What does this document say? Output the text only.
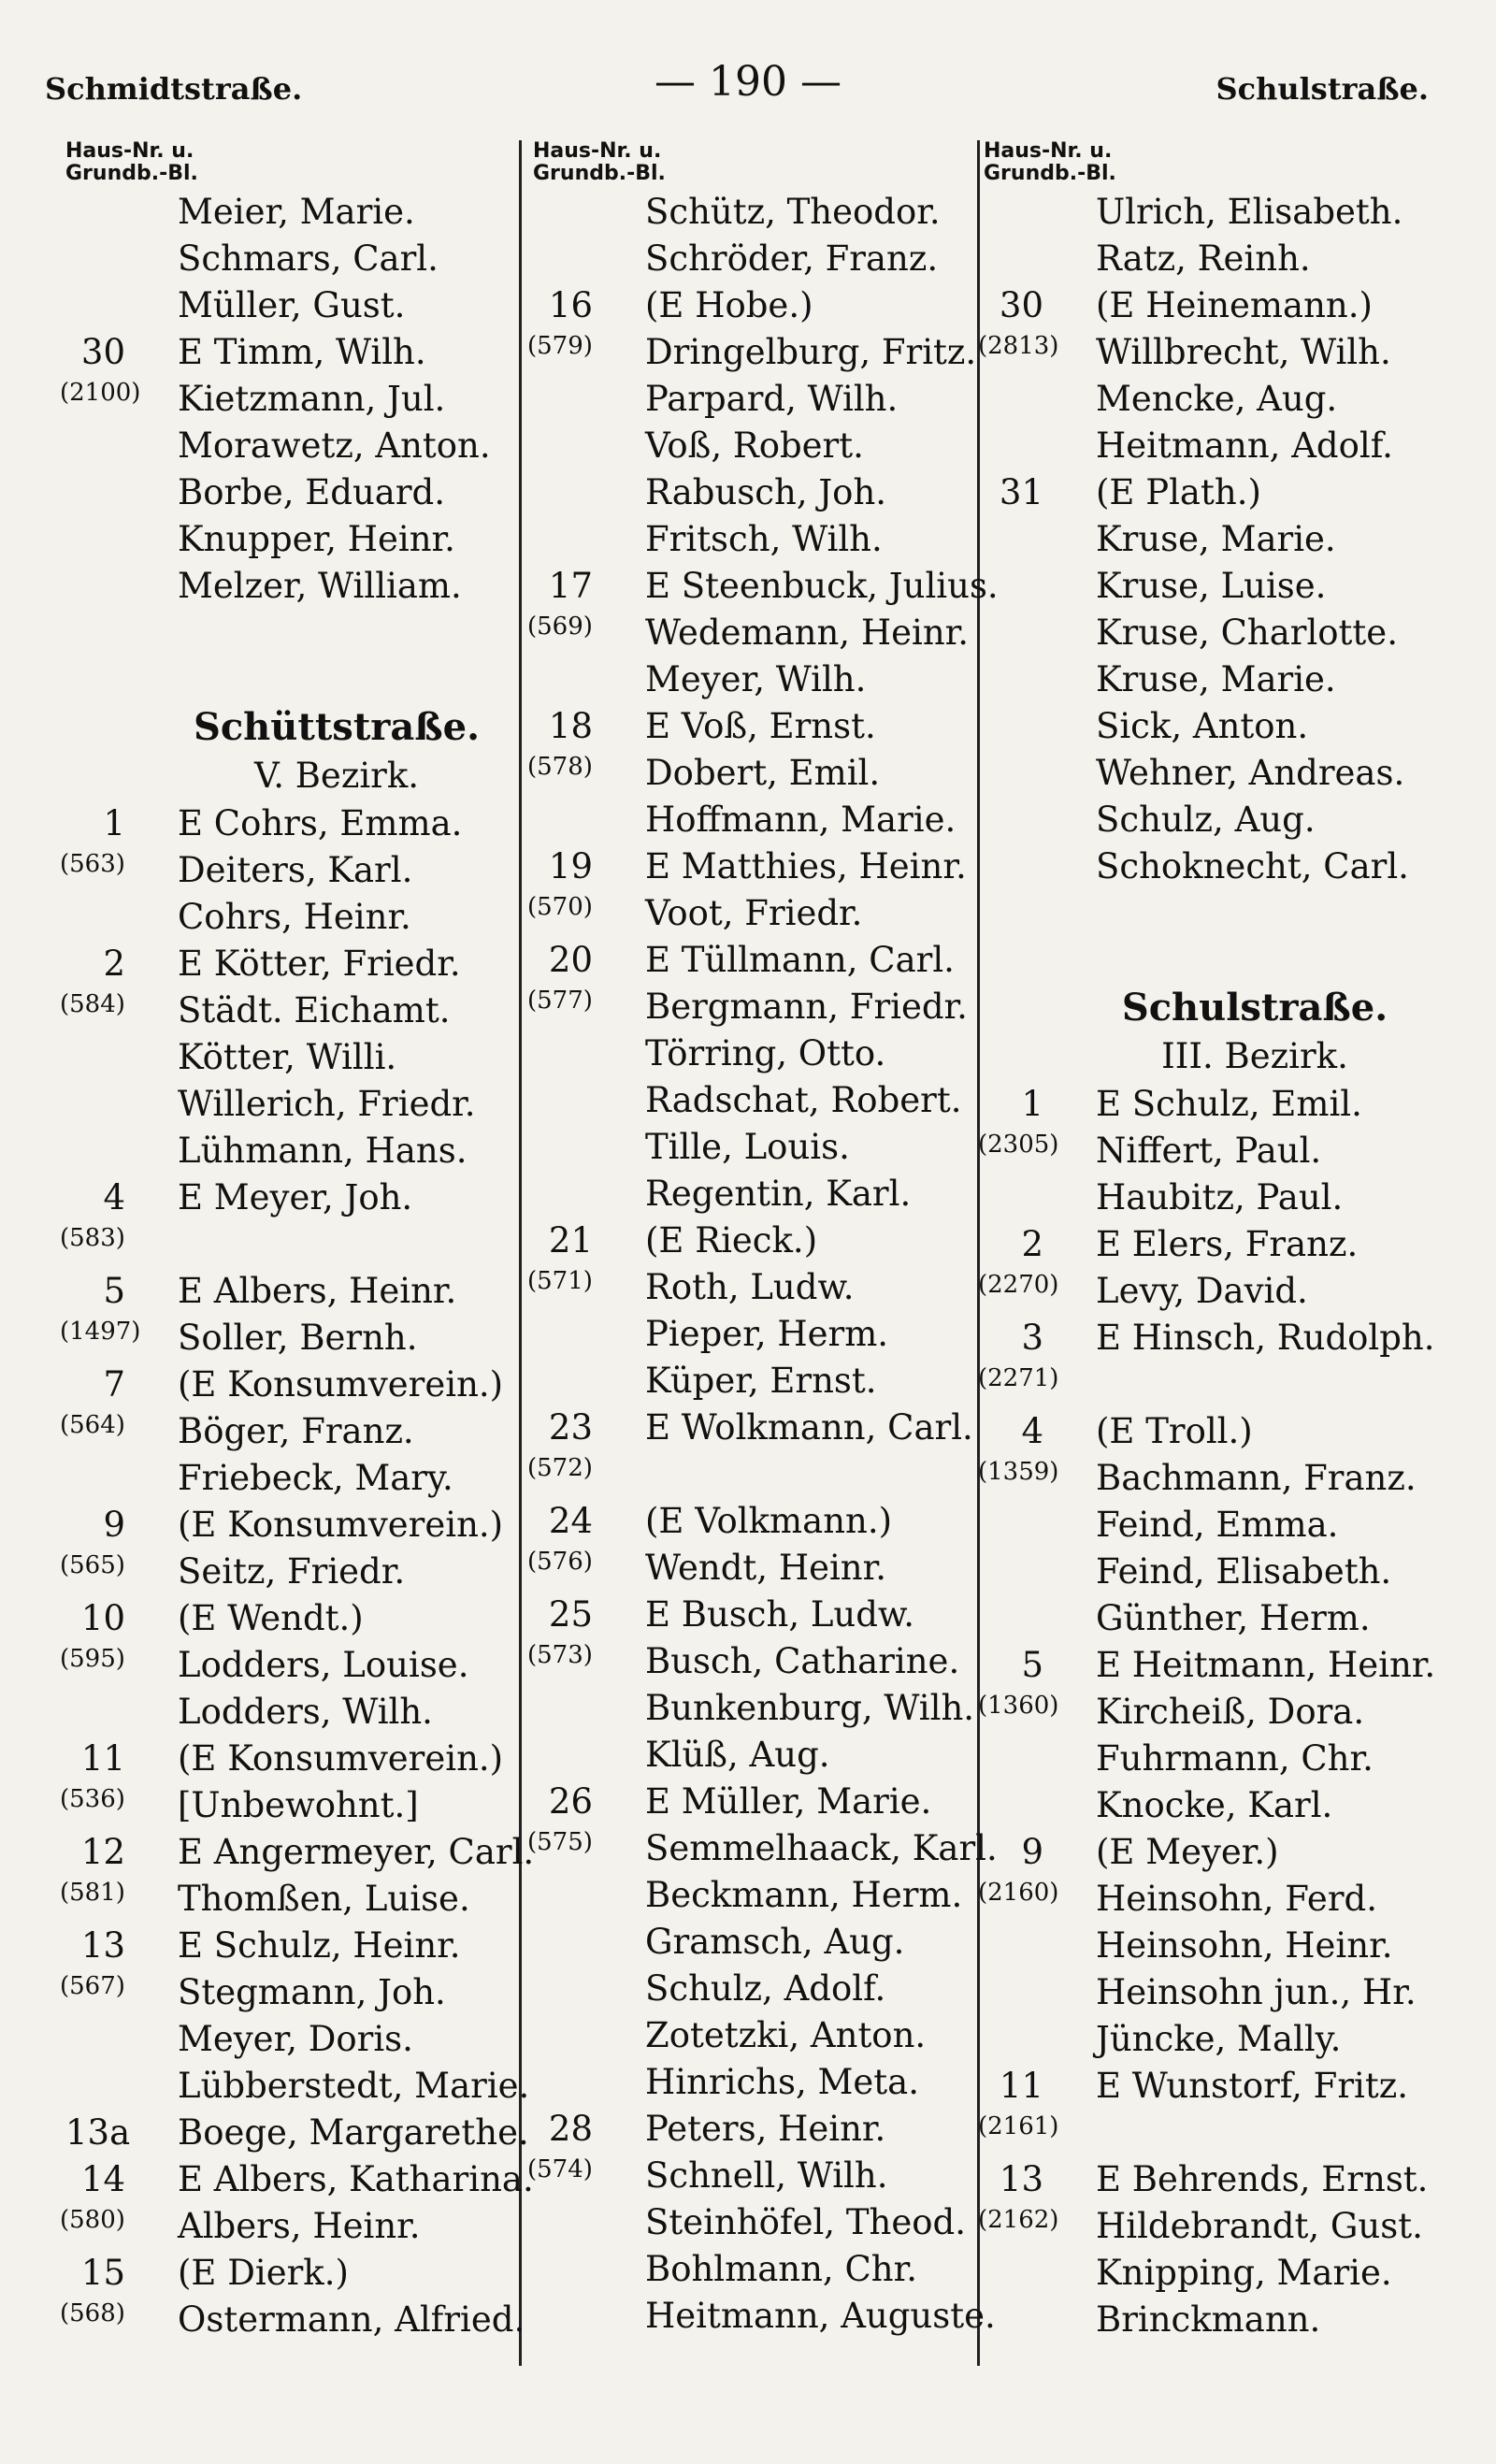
Schmidtstraße.	— 190 —	Schulstraße.
Haus-Nr. u.
Grundb.-Bl.
Meier, Marie.
Schmars, Carl.
Müller, Gust.
30 E Timm, Wilh.
(2100) Kietzmann, Jul.
Morawetz, Anton.
Borbe, Eduard.
Knupper, Heinr.
Melzer, William.
Schüttstraße.
V. Bezirk.
1 E Cohrs, Emma.
(563) Deiters, Karl.
Cohrs, Heinr.
2 E Kötter, Friedr.
(584) Städt. Eichamt.
Kötter, Willi.
Willerich, Friedr.
Lühmann, Hans.
4 E Meyer, Joh.
(583)
5 E Albers, Heinr.
(1497) Soller, Bernh.
7 (E Konsumverein.)
(564) Böger, Franz.
Friebeck, Mary.
9 (E Konsumverein.)
(565) Seitz, Friedr.
10 (E Wendt.)
(595) Lodders, Louise.
Lodders, Wilh.
11 (E Konsumverein.)
(536) [Unbewohnt.]
12 E Angermeyer, Carl.
(581) Thomßen, Luise.
13 E Schulz, Heinr.
(567) Stegmann, Joh.
Meyer, Doris.
Lübberstedt, Marie.
13a Boege, Margarethe.
14 E Albers, Katharina.
(580) Albers, Heinr.
15 (E Dierk.)
(568) Ostermann, Alfried.
Haus-Nr. u.
Grundb.-Bl.
Schütz, Theodor.
Schröder, Franz.
16 (E Hobe.)
(579) Dringelburg, Fritz.
Parpard, Wilh.
Voß, Robert.
Rabusch, Joh.
Fritsch, Wilh.
17 E Steenbuck, Julius.
(569) Wedemann, Heinr.
Meyer, Wilh.
18 E Voß, Ernst.
(578) Dobert, Emil.
Hoffmann, Marie.
19 E Matthies, Heinr.
(570) Voot, Friedr.
20 E Tüllmann, Carl.
(577) Bergmann, Friedr.
Törring, Otto.
Radschat, Robert.
Tille, Louis.
Regentin, Karl.
21 (E Rieck.)
(571) Roth, Ludw.
Pieper, Herm.
Küper, Ernst.
23 E Wolkmann, Carl.
(572)
24 (E Volkmann.)
(576) Wendt, Heinr.
25 E Busch, Ludw.
(573) Busch, Catharine.
Bunkenburg, Wilh.
Klüß, Aug.
26 E Müller, Marie.
(575) Semmelhaack, Karl.
Beckmann, Herm.
Gramsch, Aug.
Schulz, Adolf.
Zotetzki, Anton.
Hinrichs, Meta.
28 Peters, Heinr.
(574) Schnell, Wilh.
Steinhöfel, Theod.
Bohlmann, Chr.
Heitmann, Auguste.
Haus-Nr. u.
Grundb.-Bl.
Ulrich, Elisabeth.
Ratz, Reinh.
30 (E Heinemann.)
(2813) Willbrecht, Wilh.
Mencke, Aug.
Heitmann, Adolf.
31 (E Plath.)
Kruse, Marie.
Kruse, Luise.
Kruse, Charlotte.
Kruse, Marie.
Sick, Anton.
Wehner, Andreas.
Schulz, Aug.
Schoknecht, Carl.
Schulstraße.
III. Bezirk.
1 E Schulz, Emil.
(2305) Niffert, Paul.
Haubitz, Paul.
2 E Elers, Franz.
(2270) Levy, David.
3 E Hinsch, Rudolph.
(2271)
4 (E Troll.)
(1359) Bachmann, Franz.
Feind, Emma.
Feind, Elisabeth.
Günther, Herm.
5 E Heitmann, Heinr.
(1360) Kircheiß, Dora.
Fuhrmann, Chr.
Knocke, Karl.
9 (E Meyer.)
(2160) Heinsohn, Ferd.
Heinsohn, Heinr.
Heinsohn jun., Hr.
Jüncke, Mally.
11 E Wunstorf, Fritz.
(2161)
13 E Behrends, Ernst.
(2162) Hildebrandt, Gust.
Knipping, Marie.
Brinckmann.
